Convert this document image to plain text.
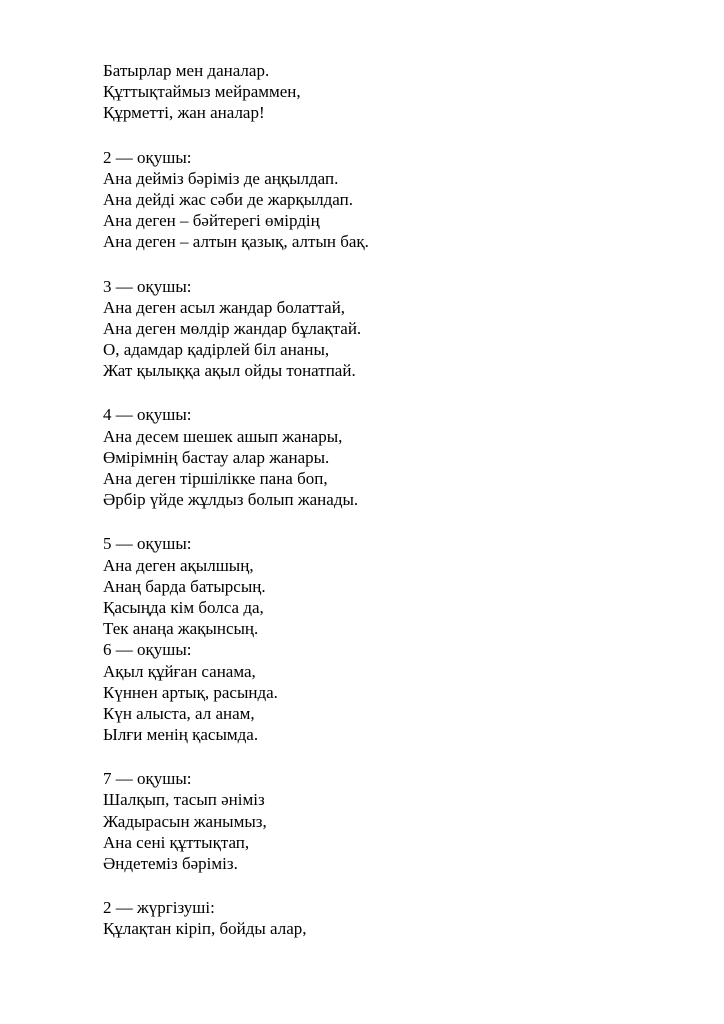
Батырлар мен даналар.
Құттықтаймыз мейраммен,
Құрметті, жан аналар!
2 — оқушы:
Ана дейміз бәріміз де аңқылдап.
Ана дейді жас сәби де жарқылдап.
Ана деген – бәйтерегі өмірдің
Ана деген – алтын қазық, алтын бақ.
3 — оқушы:
Ана деген асыл жандар болаттай,
Ана деген мөлдір жандар бұлақтай.
О, адамдар қадірлей біл ананы,
Жат қылыққа ақыл ойды тонатпай.
4 — оқушы:
Ана десем шешек ашып жанары,
Өмірімнің бастау алар жанары.
Ана деген тіршілікке пана боп,
Әрбір үйде жұлдыз болып жанады.
5 — оқушы:
Ана деген ақылшың,
Анаң барда батырсың.
Қасыңда кім болса да,
Тек анаңа жақынсың.
6 — оқушы:
Ақыл құйған санама,
Күннен артық, расында.
Күн алыста, ал анам,
Ылғи менің қасымда.
7 — оқушы:
Шалқып, тасып әніміз
Жадырасын жанымыз,
Ана сені құттықтап,
Әндетеміз бәріміз.
2 — жүргізуші:
Құлақтан кіріп, бойды алар,
